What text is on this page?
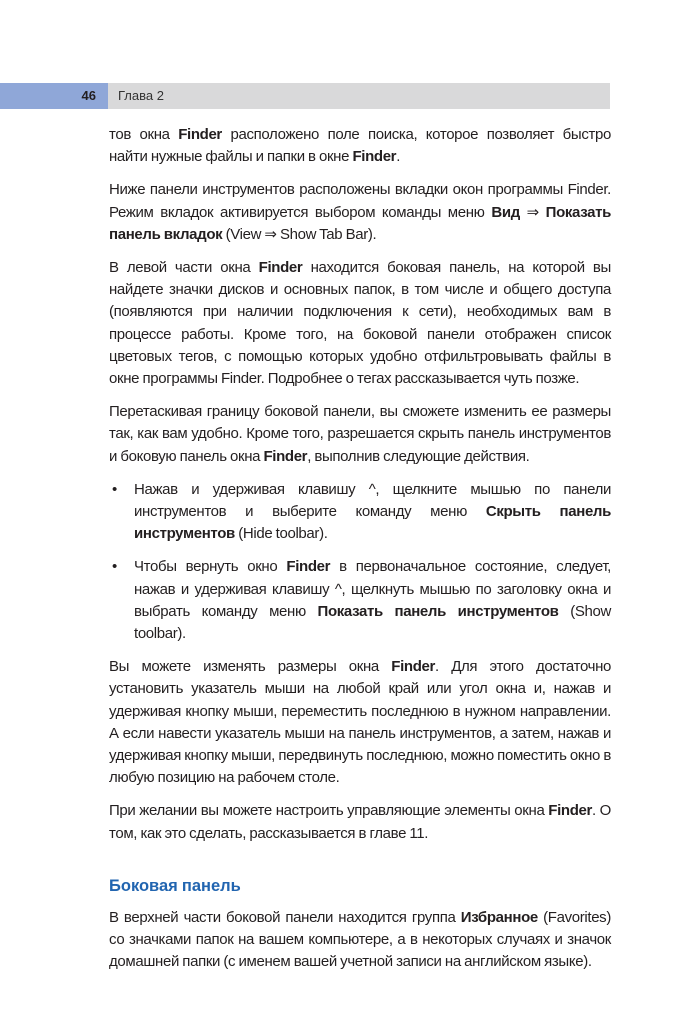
46	Глава 2

тов окна Finder расположено поле поиска, которое позволяет быстро найти нужные файлы и папки в окне Finder.

Ниже панели инструментов расположены вкладки окон программы Finder. Режим вкладок активируется выбором команды меню Вид ⇒ Показать панель вкладок (View ⇒ Show Tab Bar).

В левой части окна Finder находится боковая панель, на которой вы найдете значки дисков и основных папок, в том числе и общего доступа (появляются при наличии подключения к сети), необходимых вам в процессе работы. Кроме того, на боковой панели отображен список цветовых тегов, с помощью которых удобно отфильтровывать файлы в окне программы Finder. Подробнее о тегах рассказывается чуть позже.

Перетаскивая границу боковой панели, вы сможете изменить ее размеры так, как вам удобно. Кроме того, разрешается скрыть панель инструментов и боковую панель окна Finder, выполнив следующие действия.

• Нажав и удерживая клавишу ^, щелкните мышью по панели инструментов и выберите команду меню Скрыть панель инструментов (Hide toolbar).
• Чтобы вернуть окно Finder в первоначальное состояние, следует, нажав и удерживая клавишу ^, щелкнуть мышью по заголовку окна и выбрать команду меню Показать панель инструментов (Show toolbar).

Вы можете изменять размеры окна Finder. Для этого достаточно установить указатель мыши на любой край или угол окна и, нажав и удерживая кнопку мыши, переместить последнюю в нужном направлении. А если навести указатель мыши на панель инструментов, а затем, нажав и удерживая кнопку мыши, передвинуть последнюю, можно поместить окно в любую позицию на рабочем столе.

При желании вы можете настроить управляющие элементы окна Finder. О том, как это сделать, рассказывается в главе 11.

Боковая панель

В верхней части боковой панели находится группа Избранное (Favorites) со значками папок на вашем компьютере, а в некоторых случаях и значок домашней папки (с именем вашей учетной записи на английском языке).
